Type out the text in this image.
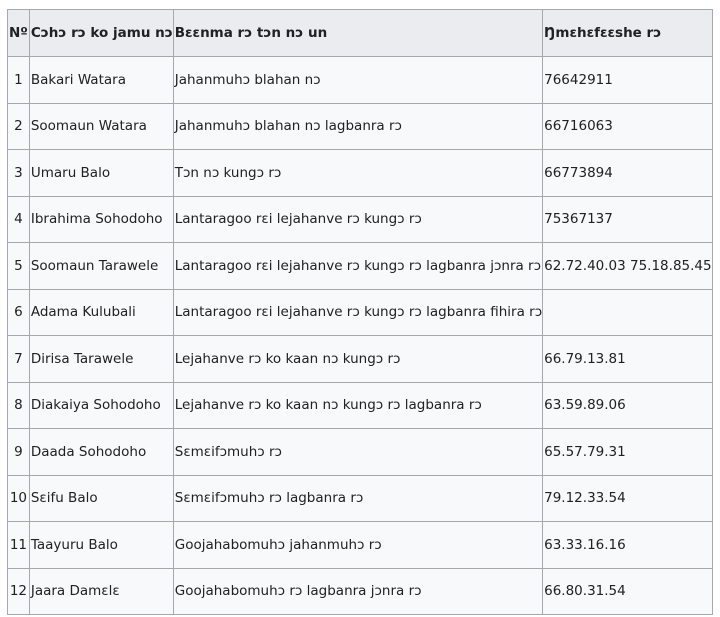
Nº	Cɔhɔ rɔ ko jamu nɔ	Bɛɛnma rɔ tɔn nɔ un	Ŋmɛhɛfɛɛshe rɔ
1	Bakari Watara	Jahanmuhɔ blahan nɔ	76642911
2	Soomaun Watara	Jahanmuhɔ blahan nɔ lagbanra rɔ	66716063
3	Umaru Balo	Tɔn nɔ kungɔ rɔ	66773894
4	Ibrahima Sohodoho	Lantaragoo rɛi lejahanve rɔ kungɔ rɔ	75367137
5	Soomaun Tarawele	Lantaragoo rɛi lejahanve rɔ kungɔ rɔ lagbanra jɔnra rɔ	62.72.40.03 75.18.85.45
6	Adama Kulubali	Lantaragoo rɛi lejahanve rɔ kungɔ rɔ lagbanra fihira rɔ	
7	Dirisa Tarawele	Lejahanve rɔ ko kaan nɔ kungɔ rɔ	66.79.13.81
8	Diakaiya Sohodoho	Lejahanve rɔ ko kaan nɔ kungɔ rɔ lagbanra rɔ	63.59.89.06
9	Daada Sohodoho	Sɛmɛifɔmuhɔ rɔ	65.57.79.31
10	Sɛifu Balo	Sɛmɛifɔmuhɔ rɔ lagbanra rɔ	79.12.33.54
11	Taayuru Balo	Goojahabomuhɔ jahanmuhɔ rɔ	63.33.16.16
12	Jaara Damɛlɛ	Goojahabomuhɔ rɔ lagbanra jɔnra rɔ	66.80.31.54
